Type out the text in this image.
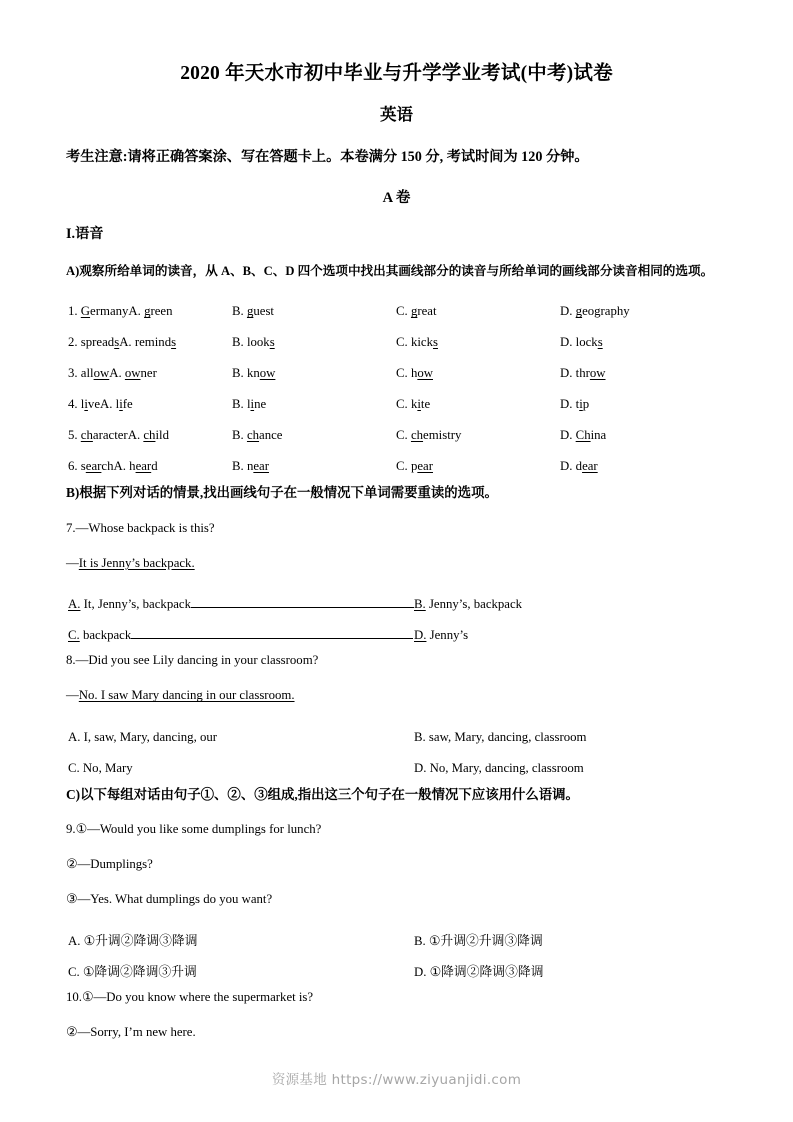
2020 年天水市初中毕业与升学学业考试(中考)试卷
英语
考生注意:请将正确答案涂、写在答题卡上。本卷满分 150 分, 考试时间为 120 分钟。
A 卷
I.语音
A)观察所给单词的读音，从 A、B、C、D 四个选项中找出其画线部分的读音与所给单词的画线部分读音相同的选项。
1. GermanyA. green	B. guest	C. great	D. geography
2. spreadsA. reminds	B. looks	C. kicks	D. locks
3. allowA. owner	B. know	C. how	D. throw
4. liveA. life	B. line	C. kite	D. tip
5. characterA. child	B. chance	C. chemistry	D. China
6. searchA. heard	B. near	C. pear	D. dear
B)根据下列对话的情景,找出画线句子在一般情况下单词需要重读的选项。
7.—Whose backpack is this?
—It is Jenny’s backpack.
A. It, Jenny’s, backpack	B. Jenny’s, backpack
C. backpack	D. Jenny’s
8.—Did you see Lily dancing in your classroom?
—No. I saw Mary dancing in our classroom.
A. I, saw, Mary, dancing, our	B. saw, Mary, dancing, classroom
C. No, Mary	D. No, Mary, dancing, classroom
C)以下每组对话由句子①、②、③组成,指出这三个句子在一般情况下应该用什么语调。
9.①—Would you like some dumplings for lunch?
②—Dumplings?
③—Yes. What dumplings do you want?
A. ①升调②降调③降调	B. ①升调②升调③降调
C. ①降调②降调③升调	D. ①降调②降调③降调
10.①—Do you know where the supermarket is?
②—Sorry, I’m new here.
资源基地 https://www.ziyuanjidi.com
